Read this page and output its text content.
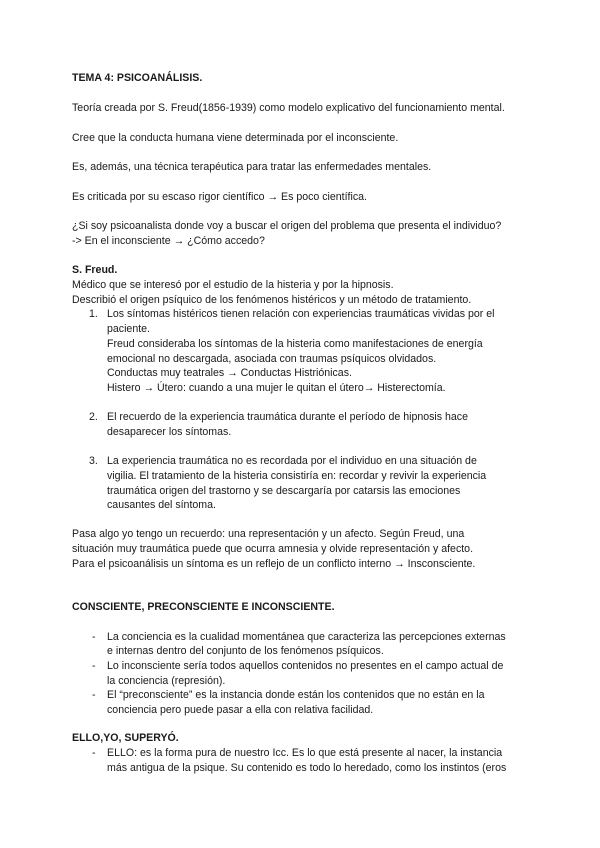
TEMA 4: PSICOANÁLISIS.
Teoría creada por S. Freud(1856-1939) como modelo explicativo del funcionamiento mental.
Cree que la conducta humana viene determinada por el inconsciente.
Es, además, una técnica terapéutica para tratar las enfermedades mentales.
Es criticada por su escaso rigor científico → Es poco científica.
¿Si soy psicoanalista donde voy a buscar el origen del problema que presenta el individuo?
-> En el inconsciente → ¿Cómo accedo?
S. Freud.
Médico que se interesó por el estudio de la histeria y por la hipnosis.
Describió el origen psíquico de los fenómenos histéricos y un método de tratamiento.
1. Los síntomas histéricos tienen relación con experiencias traumáticas vividas por el
paciente.
Freud consideraba los síntomas de la histeria como manifestaciones de energía
emocional no descargada, asociada con traumas psíquicos olvidados.
Conductas muy teatrales → Conductas Histriónicas.
Histero → Útero: cuando a una mujer le quitan el útero→ Histerectomía.
2. El recuerdo de la experiencia traumática durante el período de hipnosis hace
desaparecer los síntomas.
3. La experiencia traumática no es recordada por el individuo en una situación de
vigilia. El tratamiento de la histeria consistiría en: recordar y revivir la experiencia
traumática origen del trastorno y se descargaría por catarsis las emociones
causantes del síntoma.
Pasa algo yo tengo un recuerdo: una representación y un afecto. Según Freud, una
situación muy traumática puede que ocurra amnesia y olvide representación y afecto.
Para el psicoanálisis un síntoma es un reflejo de un conflicto interno → Insconsciente.
CONSCIENTE, PRECONSCIENTE E INCONSCIENTE.
- La conciencia es la cualidad momentánea que caracteriza las percepciones externas
e internas dentro del conjunto de los fenómenos psíquicos.
- Lo inconsciente sería todos aquellos contenidos no presentes en el campo actual de
la conciencia (represión).
- El “preconsciente” es la instancia donde están los contenidos que no están en la
conciencia pero puede pasar a ella con relativa facilidad.
ELLO,YO, SUPERYÓ.
- ELLO: es la forma pura de nuestro Icc. Es lo que está presente al nacer, la instancia
más antigua de la psique. Su contenido es todo lo heredado, como los instintos (eros
